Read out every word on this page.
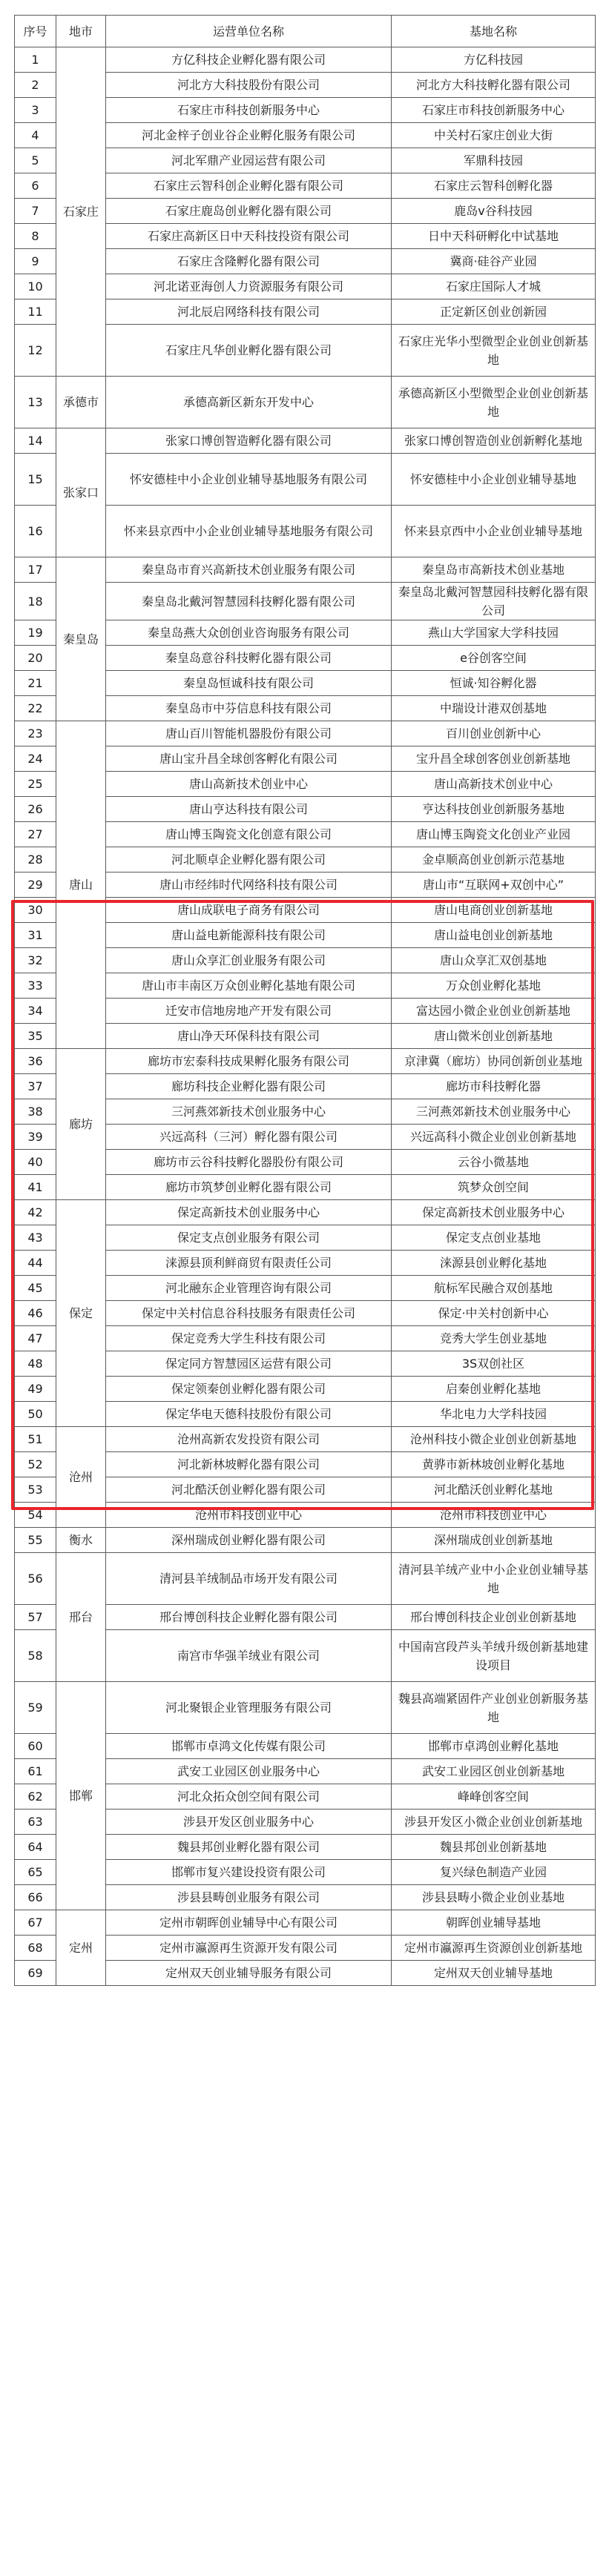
序号	地市	运营单位名称	基地名称
1	石家庄	方亿科技企业孵化器有限公司	方亿科技园
2		河北方大科技股份有限公司	河北方大科技孵化器有限公司
3		石家庄市科技创新服务中心	石家庄市科技创新服务中心
4		河北金梓子创业谷企业孵化服务有限公司	中关村石家庄创业大街
5		河北军鼎产业园运营有限公司	军鼎科技园
6		石家庄云智科创企业孵化器有限公司	石家庄云智科创孵化器
7		石家庄鹿岛创业孵化器有限公司	鹿岛v谷科技园
8		石家庄高新区日中天科技投资有限公司	日中天科研孵化中试基地
9		石家庄含隆孵化器有限公司	冀商·硅谷产业园
10		河北诺亚海创人力资源服务有限公司	石家庄国际人才城
11		河北辰启网络科技有限公司	正定新区创业创新园
12		石家庄凡华创业孵化器有限公司	石家庄光华小型微型企业创业创新基地
13	承德市	承德高新区新东开发中心	承德高新区小型微型企业创业创新基地
14	张家口	张家口博创智造孵化器有限公司	张家口博创智造创业创新孵化基地
15		怀安德桂中小企业创业辅导基地服务有限公司	怀安德桂中小企业创业辅导基地
16		怀来县京西中小企业创业辅导基地服务有限公司	怀来县京西中小企业创业辅导基地
17	秦皇岛	秦皇岛市育兴高新技术创业服务有限公司	秦皇岛市高新技术创业基地
18		秦皇岛北戴河智慧园科技孵化器有限公司	秦皇岛北戴河智慧园科技孵化器有限公司
19		秦皇岛燕大众创创业咨询服务有限公司	燕山大学国家大学科技园
20		秦皇岛意谷科技孵化器有限公司	e谷创客空间
21		秦皇岛恒诚科技有限公司	恒诚·知谷孵化器
22		秦皇岛市中芬信息科技有限公司	中瑞设计港双创基地
23	唐山	唐山百川智能机器股份有限公司	百川创业创新中心
24		唐山宝升昌全球创客孵化有限公司	宝升昌全球创客创业创新基地
25		唐山高新技术创业中心	唐山高新技术创业中心
26		唐山亨达科技有限公司	亨达科技创业创新服务基地
27		唐山博玉陶瓷文化创意有限公司	唐山博玉陶瓷文化创业产业园
28		河北顺卓企业孵化器有限公司	金卓顺高创业创新示范基地
29		唐山市经纬时代网络科技有限公司	唐山市“互联网+双创中心”
30		唐山成联电子商务有限公司	唐山电商创业创新基地
31		唐山益电新能源科技有限公司	唐山益电创业创新基地
32		唐山众享汇创业服务有限公司	唐山众享汇双创基地
33		唐山市丰南区万众创业孵化基地有限公司	万众创业孵化基地
34		迁安市信地房地产开发有限公司	富达园小微企业创业创新基地
35		唐山净天环保科技有限公司	唐山微米创业创新基地
36	廊坊	廊坊市宏泰科技成果孵化服务有限公司	京津冀（廊坊）协同创新创业基地
37		廊坊科技企业孵化器有限公司	廊坊市科技孵化器
38		三河燕郊新技术创业服务中心	三河燕郊新技术创业服务中心
39		兴远高科（三河）孵化器有限公司	兴远高科小微企业创业创新基地
40		廊坊市云谷科技孵化器股份有限公司	云谷小微基地
41		廊坊市筑梦创业孵化器有限公司	筑梦众创空间
42	保定	保定高新技术创业服务中心	保定高新技术创业服务中心
43		保定支点创业服务有限公司	保定支点创业基地
44		涞源县顶利鲜商贸有限责任公司	涞源县创业孵化基地
45		河北融东企业管理咨询有限公司	航标军民融合双创基地
46		保定中关村信息谷科技服务有限责任公司	保定·中关村创新中心
47		保定竞秀大学生科技有限公司	竞秀大学生创业基地
48		保定同方智慧园区运营有限公司	3S双创社区
49		保定领秦创业孵化器有限公司	启秦创业孵化基地
50		保定华电天德科技股份有限公司	华北电力大学科技园
51	沧州	沧州高新农发投资有限公司	沧州科技小微企业创业创新基地
52		河北新林坡孵化器有限公司	黄骅市新林坡创业孵化基地
53		河北酷沃创业孵化器有限公司	河北酷沃创业孵化基地
54		沧州市科技创业中心	沧州市科技创业中心
55	衡水	深州瑞成创业孵化器有限公司	深州瑞成创业创新基地
56	邢台	清河县羊绒制品市场开发有限公司	清河县羊绒产业中小企业创业辅导基地
57		邢台博创科技企业孵化器有限公司	邢台博创科技企业创业创新基地
58		南宫市华强羊绒业有限公司	中国南宫段芦头羊绒升级创新基地建设项目
59	邯郸	河北聚银企业管理服务有限公司	魏县高端紧固件产业创业创新服务基地
60		邯郸市卓鸿文化传媒有限公司	邯郸市卓鸿创业孵化基地
61		武安工业园区创业服务中心	武安工业园区创业创新基地
62		河北众拓众创空间有限公司	峰峰创客空间
63		涉县开发区创业服务中心	涉县开发区小微企业创业创新基地
64		魏县邦创业孵化器有限公司	魏县邦创业创新基地
65		邯郸市复兴建设投资有限公司	复兴绿色制造产业园
66		涉县县畴创业服务有限公司	涉县县畴小微企业创业基地
67	定州	定州市朝晖创业辅导中心有限公司	朝晖创业辅导基地
68		定州市瀛源再生资源开发有限公司	定州市瀛源再生资源创业创新基地
69		定州双天创业辅导服务有限公司	定州双天创业辅导基地
